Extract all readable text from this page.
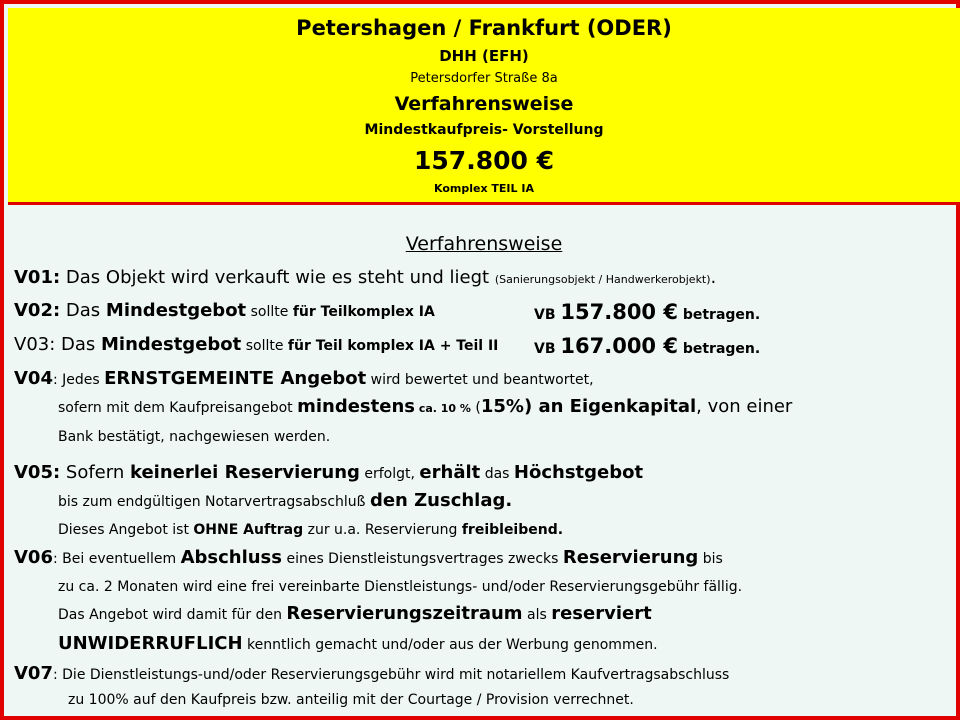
Petershagen / Frankfurt (ODER)
DHH (EFH)
Petersdorfer Straße 8a
Verfahrensweise
Mindestkaufpreis- Vorstellung
157.800 €
Komplex TEIL IA
Verfahrensweise
V01: Das Objekt wird verkauft wie es steht und liegt (Sanierungsobjekt / Handwerkerobjekt).
V02: Das Mindestgebot sollte für Teilkomplex IA	VB 157.800 € betragen.
V03: Das Mindestgebot sollte für Teil komplex IA + Teil II	VB 167.000 € betragen.
V04: Jedes ERNSTGEMEINTE Angebot wird bewertet und beantwortet,
sofern mit dem Kaufpreisangebot mindestens ca. 10 % (15%) an Eigenkapital, von einer
Bank bestätigt, nachgewiesen werden.
V05: Sofern keinerlei Reservierung erfolgt, erhält das Höchstgebot
bis zum endgültigen Notarvertragsabschluß den Zuschlag.
Dieses Angebot ist OHNE Auftrag zur u.a. Reservierung freibleibend.
V06: Bei eventuellem Abschluss eines Dienstleistungsvertrages zwecks Reservierung bis
zu ca. 2 Monaten wird eine frei vereinbarte Dienstleistungs- und/oder Reservierungsgebühr fällig.
Das Angebot wird damit für den Reservierungszeitraum als reserviert
UNWIDERRUFLICH kenntlich gemacht und/oder aus der Werbung genommen.
V07: Die Dienstleistungs-und/oder Reservierungsgebühr wird mit notariellem Kaufvertragsabschluss
zu 100% auf den Kaufpreis bzw. anteilig mit der Courtage / Provision verrechnet.
